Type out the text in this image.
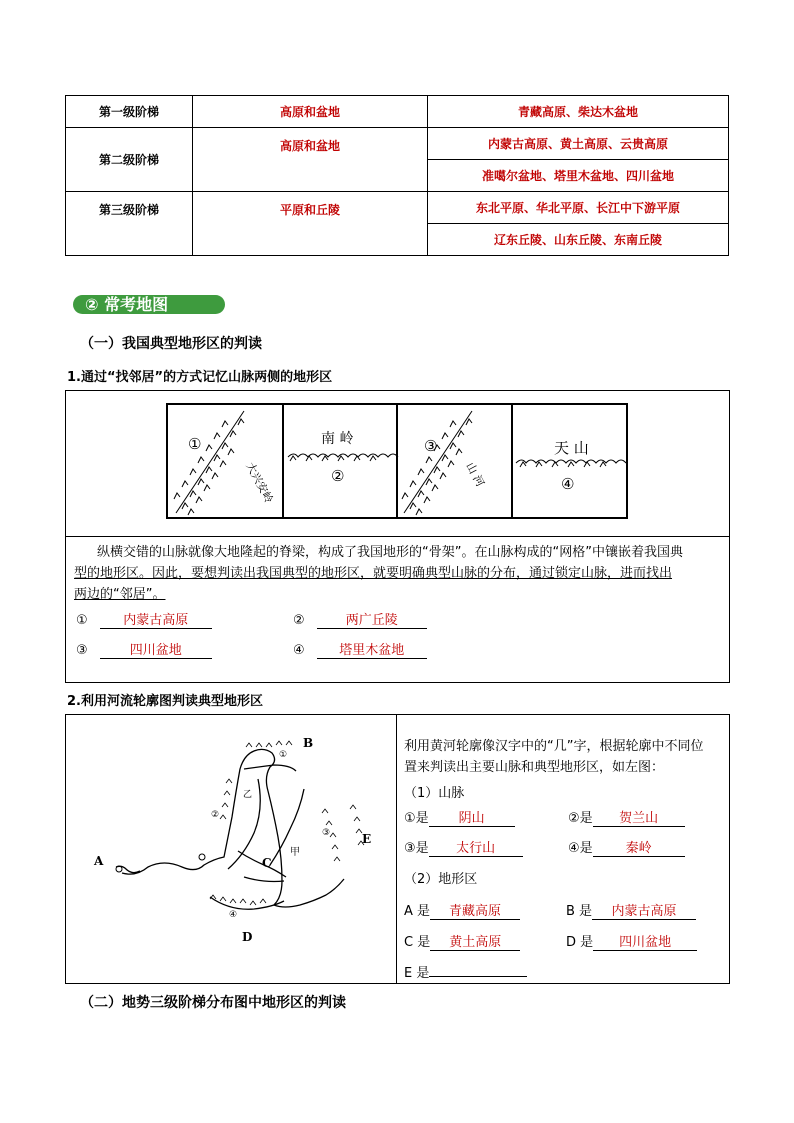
第一级阶梯	高原和盆地	青藏高原、柴达木盆地
第二级阶梯	高原和盆地	内蒙古高原、黄土高原、云贵高原
		准噶尔盆地、塔里木盆地、四川盆地
第三级阶梯	平原和丘陵	东北平原、华北平原、长江中下游平原
		辽东丘陵、山东丘陵、东南丘陵
② 常考地图
（一）我国典型地形区的判读
1.通过“找邻居”的方式记忆山脉两侧的地形区
①
大兴安岭
南 岭
②
③
山 河
天 山
④
纵横交错的山脉就像大地隆起的脊梁，构成了我国地形的“骨架”。在山脉构成的“网格”中镶嵌着我国典
型的地形区。因此，要想判读出我国典型的地形区，就要明确典型山脉的分布，通过锁定山脉，进而找出
两边的“邻居”。
①	内蒙古高原	②	两广丘陵
③	四川盆地	④	塔里木盆地
2.利用河流轮廓图判读典型地形区
B
①
②
③
④
乙
甲
A	C
E
D
利用黄河轮廓像汉字中的“几”字，根据轮廓中不同位
置来判读出主要山脉和典型地形区，如左图：
（1）山脉
①是 阴山	②是 贺兰山
③是 太行山	④是	秦岭
（2）地形区
A 是 青藏高原	B 是 内蒙古高原
C 是 黄土高原	D 是 四川盆地
E 是
（二）地势三级阶梯分布图中地形区的判读
